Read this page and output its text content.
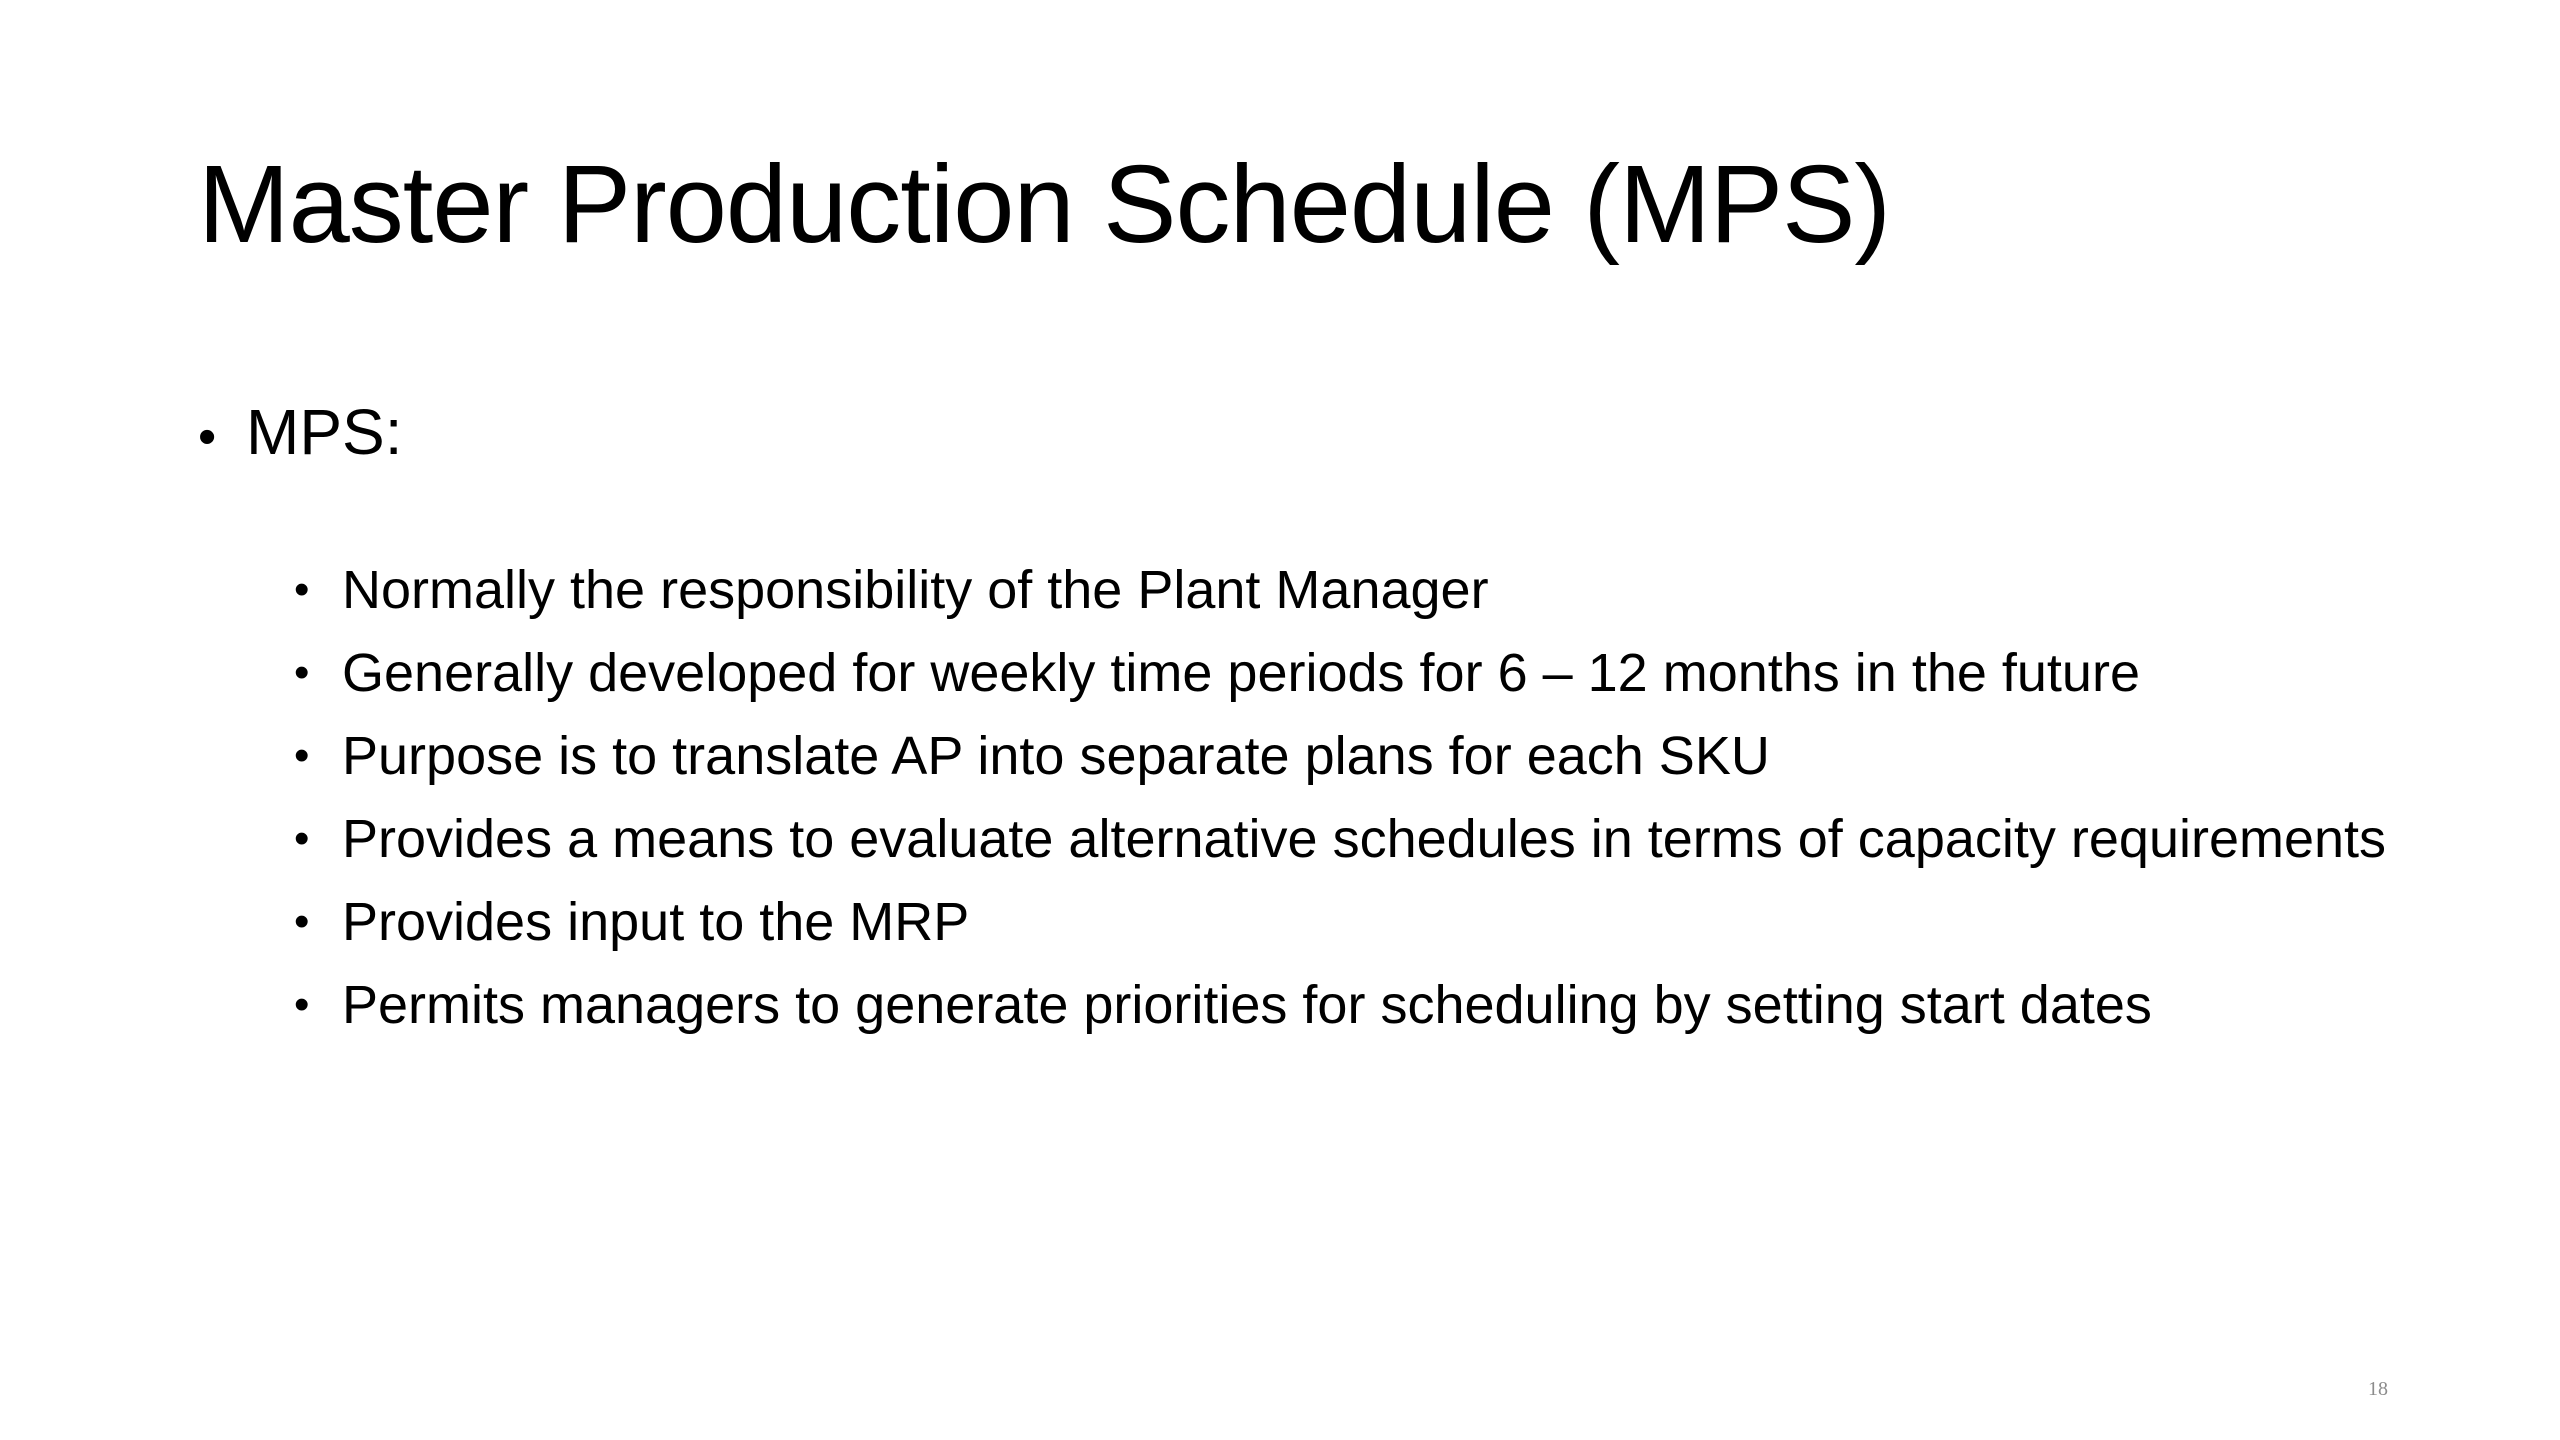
Master Production Schedule (MPS)
• MPS:
• Normally the responsibility of the Plant Manager
• Generally developed for weekly time periods for 6 – 12 months in the future
• Purpose is to translate AP into separate plans for each SKU
• Provides a means to evaluate alternative schedules in terms of capacity requirements
• Provides input to the MRP
• Permits managers to generate priorities for scheduling by setting start dates
18
